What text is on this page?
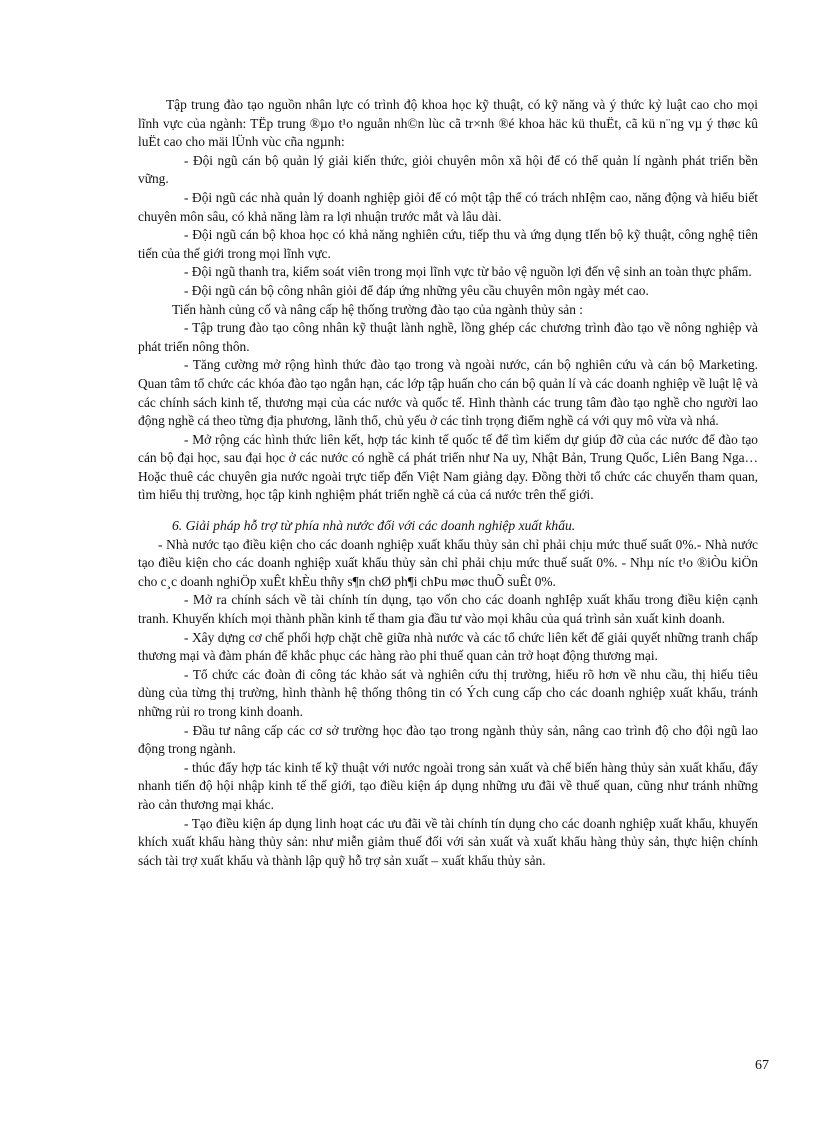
Tập trung đào tạo nguồn nhân lực có trình độ khoa học kỹ thuật, có kỹ năng và ý thức kỷ luật cao cho mọi lĩnh vực của ngành: TËp trung ®µo t¹o nguån nh©n lùc cã tr×nh ®é khoa häc kü thuËt, cã kü n¨ng vµ ý thøc kû luËt cao cho mäi lÜnh vùc cña ngµnh:

- Đội ngũ cán bộ quản lý giải kiến thức, giỏi chuyên môn xã hội để có thể quản lí ngành phát triển bền vững.

- Đội ngũ các nhà quản lý doanh nghiệp giỏi để có một tập thể có trách nhIệm cao, năng động và hiểu biết chuyên môn sâu, có khả năng làm ra lợi nhuận trước mắt và lâu dài.

- Đội ngũ cán bộ khoa học có khả năng nghiên cứu, tiếp thu và ứng dụng tIến bộ kỹ thuật, công nghệ tiên tiến của thế giới trong mọi lĩnh vực.

- Đội ngũ thanh tra, kiểm soát viên trong mọi lĩnh vực từ bảo vệ nguồn lợi đến vệ sinh an toàn thực phẩm.

- Đội ngũ cán bộ công nhân giỏi để đáp ứng những yêu cầu chuyên môn ngày mét cao.

Tiến hành củng cố và nâng cấp hệ thống trường đào tạo của ngành thủy sản :

- Tập trung đào tạo công nhân kỹ thuật lành nghề, lồng ghép các chương trình đào tạo về nông nghiệp và phát triển nông thôn.

- Tăng cường mở rộng hình thức đào tạo trong và ngoài nước, cán bộ nghiên cứu và cán bộ Marketing. Quan tâm tổ chức các khóa đào tạo ngắn hạn, các lớp tập huấn cho cán bộ quản lí và các doanh nghiệp về luật lệ và các chính sách kinh tế, thương mại của các nước và quốc tế. Hình thành các trung tâm đào tạo nghề cho người lao động nghề cá theo từng địa phương, lãnh thổ, chủ yếu ở các tỉnh trọng điểm nghề cá với quy mô vừa và nhá.

- Mở rộng các hình thức liên kết, hợp tác kinh tế quốc tế để tìm kiếm dự giúp đỡ của các nước để đào tạo cán bộ đại học, sau đại học ở các nước có nghề cá phát triển như Na uy, Nhật Bản, Trung Quốc, Liên Bang Nga… Hoặc thuê các chuyên gia nước ngoài trực tiếp đến Việt Nam giảng dạy. Đồng thời tổ chức các chuyến tham quan, tìm hiểu thị trường, học tập kinh nghiệm phát triển nghề cá của cá nước trên thế giới.

6. Giải pháp hỗ trợ từ phía nhà nước đối với các doanh nghiệp xuất khẩu.

- Nhà nước tạo điều kiện cho các doanh nghiệp xuất khẩu thủy sản chỉ phải chịu mức thuế suất 0%.- Nhà nước tạo điều kiện cho các doanh nghiệp xuất khẩu thủy sản chỉ phải chịu mức thuế suất 0%. - Nhµ níc t¹o ®iÒu kiÖn cho c¸c doanh nghiÖp xuÊt khÈu thñy s¶n chØ ph¶i chÞu møc thuÕ suÊt 0%.

- Mở ra chính sách về tài chính tín dụng, tạo vốn cho các doanh nghIệp xuất khẩu trong điều kiện cạnh tranh. Khuyến khích mọi thành phần kinh tế tham gia đầu tư vào mọi khâu của quá trình sản xuất kinh doanh.

- Xây dựng cơ chế phối hợp chặt chẽ giữa nhà nước và các tổ chức liên kết để giải quyết những tranh chấp thương mại và đàm phán để khắc phục các hàng rào phi thuế quan cản trở hoạt động thương mại.

- Tổ chức các đoàn đi công tác khảo sát và nghiên cứu thị trường, hiểu rõ hơn về nhu cầu, thị hiếu tiêu dùng của từng thị trường, hình thành hệ thống thông tin có Ých cung cấp cho các doanh nghiệp xuất khẩu, tránh những rủi ro trong kinh doanh.

- Đầu tư nâng cấp các cơ sở trường học đào tạo trong ngành thủy sản, nâng cao trình độ cho đội ngũ lao động trong ngành.

- thúc đẩy hợp tác kinh tế kỹ thuật với nước ngoài trong sản xuất và chế biến hàng thủy sản xuất khẩu, đẩy nhanh tiến độ hội nhập kinh tế thế giới, tạo điều kiện áp dụng những ưu đãi về thuế quan, cũng như tránh những rào cản thương mại khác.

- Tạo điều kiện áp dụng linh hoạt các ưu đãi về tài chính tín dụng cho các doanh nghiệp xuất khẩu, khuyến khích xuất khẩu hàng thủy sản: như miễn giảm thuế đối với sản xuất và xuất khẩu hàng thủy sản, thực hiện chính sách tài trợ xuất khẩu và thành lập quỹ hỗ trợ sản xuất – xuất khẩu thủy sản.

67
